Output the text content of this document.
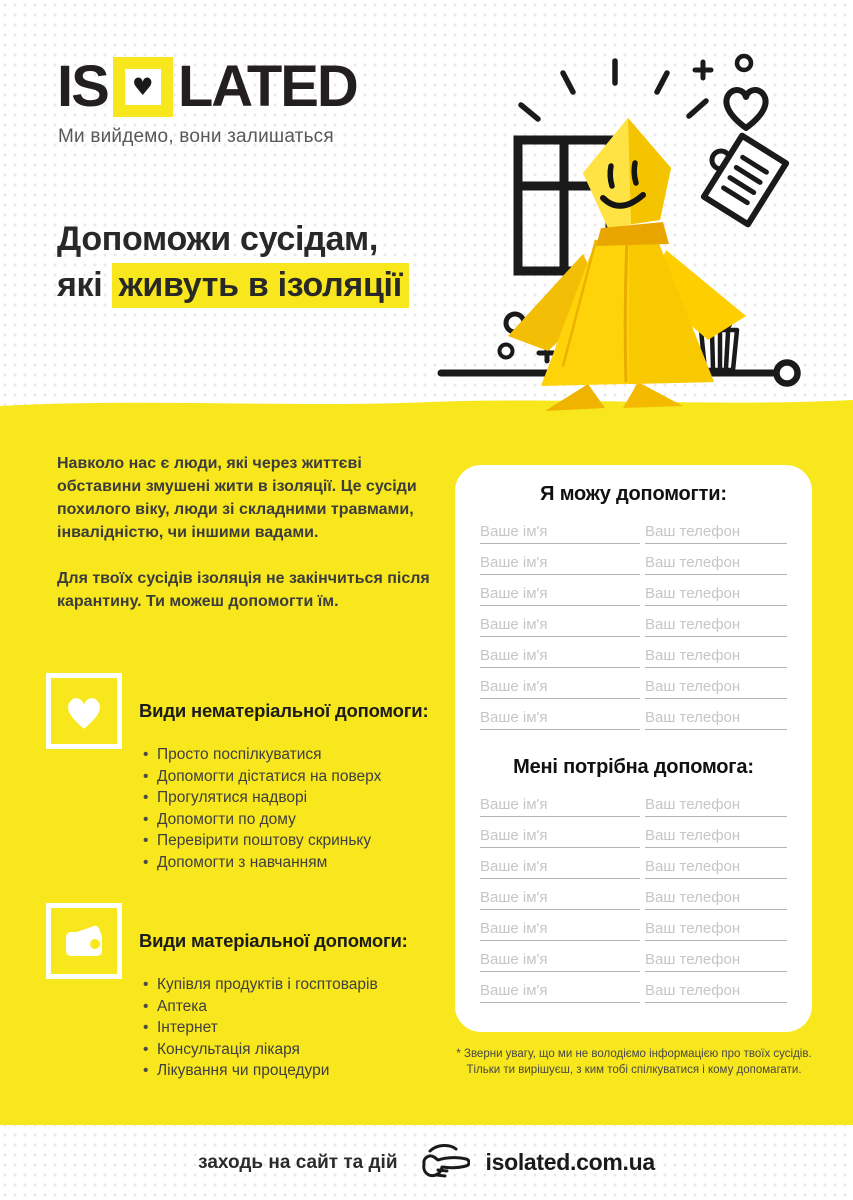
IS ♥ LATED
Ми вийдемо, вони залишаться
Допоможи сусідам,
які живуть в ізоляції

Навколо нас є люди, які через життєві обставини змушені жити в ізоляції. Це сусіди похилого віку, люди зі складними травмами, інвалідністю, чи іншими вадами.

Для твоїх сусідів ізоляція не закінчиться після карантину. Ти можеш допомогти їм.

Види нематеріальної допомоги:
• Просто поспілкуватися
• Допомогти дістатися на поверх
• Прогулятися надворі
• Допомогти по дому
• Перевірити поштову скриньку
• Допомогти з навчанням
Види матеріальної допомоги:
• Купівля продуктів і госптоварів
• Аптека
• Інтернет
• Консультація лікаря
• Лікування чи процедури
Я можу допомогти:
Ваше ім'я
Ваш телефон
Ваше ім'я
Ваш телефон
Ваше ім'я
Ваш телефон
Ваше ім'я
Ваш телефон
Ваше ім'я
Ваш телефон
Ваше ім'я
Ваш телефон
Ваше ім'я
Ваш телефон
Мені потрібна допомога:
Ваше ім'я
Ваш телефон
Ваше ім'я
Ваш телефон
Ваше ім'я
Ваш телефон
Ваше ім'я
Ваш телефон
Ваше ім'я
Ваш телефон
Ваше ім'я
Ваш телефон
Ваше ім'я
Ваш телефон
* Зверни увагу, що ми не володіємо інформацією про твоїх сусідів.
Тільки ти вирішуєш, з ким тобі спілкуватися і кому допомагати.
заходь на сайт та дій	isolated.com.ua
